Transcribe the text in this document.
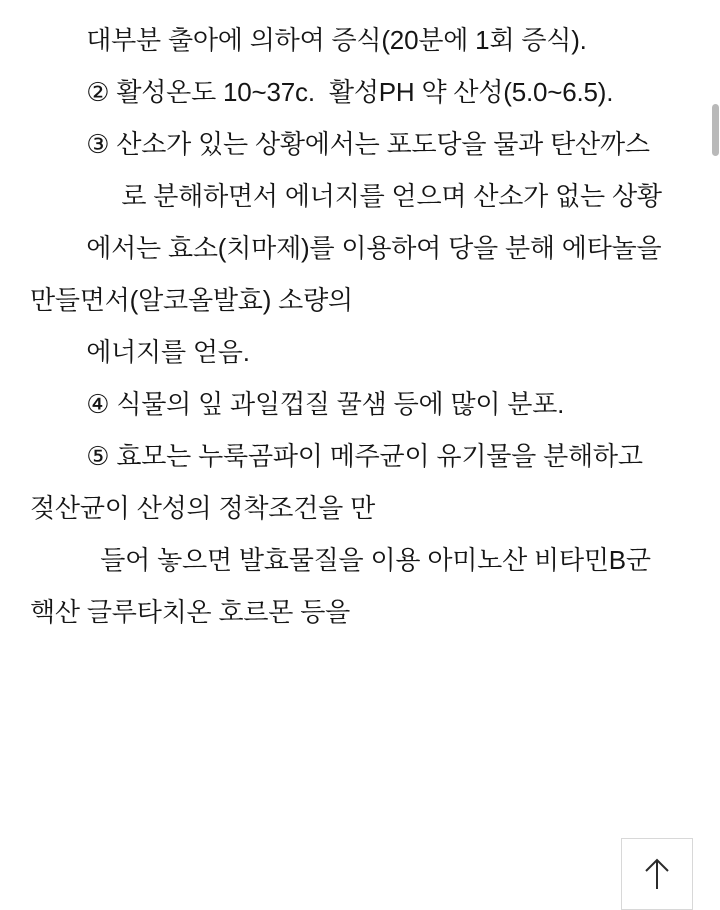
대부분 출아에 의하여 증식(20분에 1회 증식).

② 활성온도 10~37c.  활성PH 약 산성(5.0~6.5).

③ 산소가 있는 상황에서는 포도당을 물과 탄산까스

로 분해하면서 에너지를 얻으며 산소가 없는 상황

에서는 효소(치마제)를 이용하여 당을 분해 에타놀을 만들면서(알코올발효) 소량의

에너지를 얻음.

④ 식물의 잎 과일껍질 꿀샘 등에 많이 분포.

⑤ 효모는 누룩곰파이 메주균이 유기물을 분해하고 젖산균이 산성의 정착조건을 만

들어 놓으면 발효물질을 이용 아미노산 비타민B군 핵산 글루타치온 호르몬 등을
